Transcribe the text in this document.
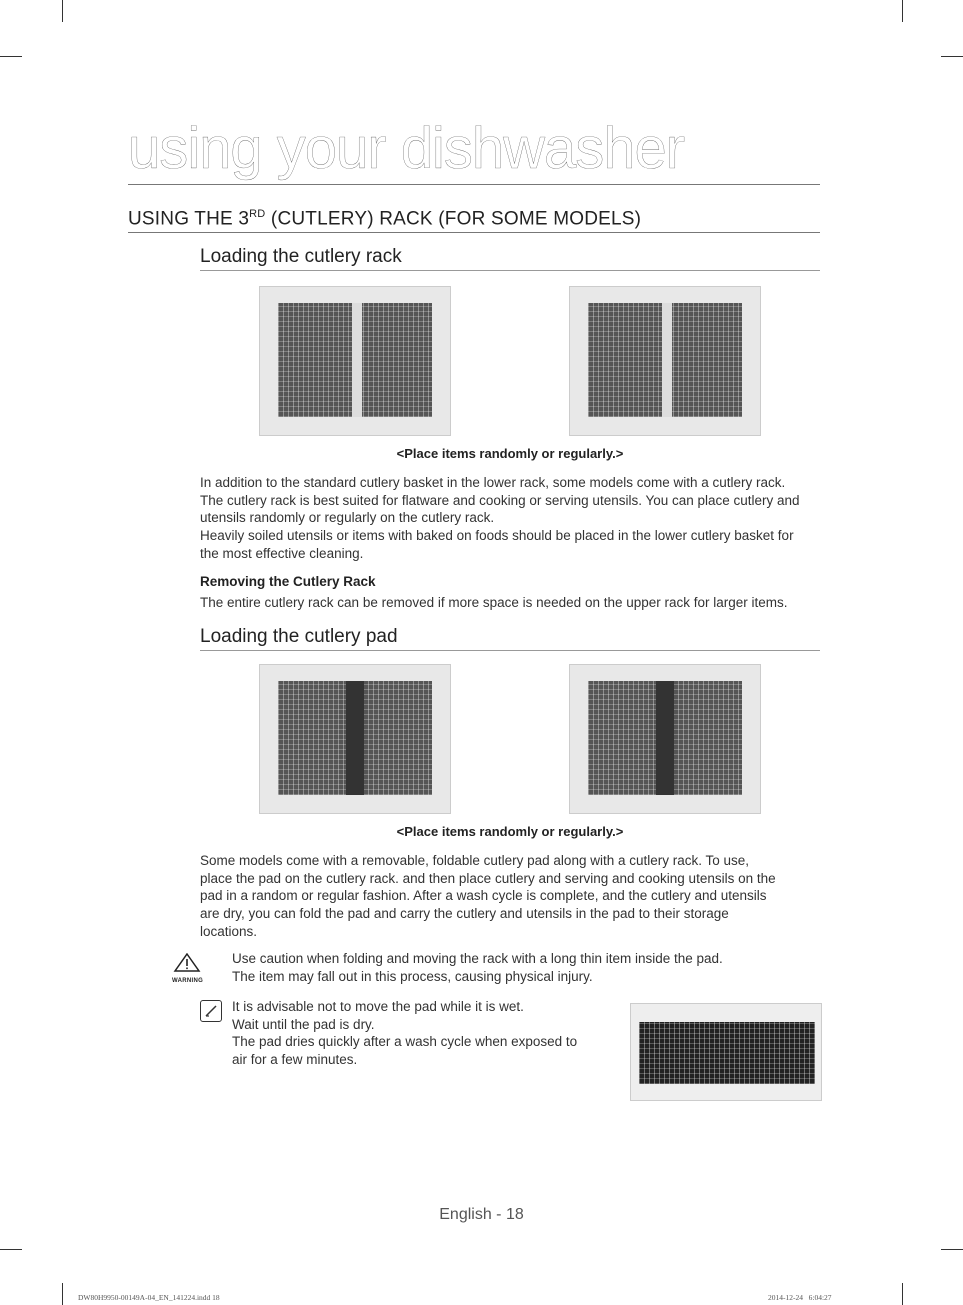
using your dishwasher
USING THE 3RD (CUTLERY) RACK (FOR SOME MODELS)
Loading the cutlery rack
<Place items randomly or regularly.>

In addition to the standard cutlery basket in the lower rack, some models come with a cutlery rack.

The cutlery rack is best suited for flatware and cooking or serving utensils. You can place cutlery and

utensils randomly or regularly on the cutlery rack.

Heavily soiled utensils or items with baked on foods should be placed in the lower cutlery basket for

the most effective cleaning.

Removing the Cutlery Rack
The entire cutlery rack can be removed if more space is needed on the upper rack for larger items.
Loading the cutlery pad
<Place items randomly or regularly.>

Some models come with a removable, foldable cutlery pad along with a cutlery rack. To use,

place the pad on the cutlery rack. and then place cutlery and serving and cooking utensils on the

pad in a random or regular fashion. After a wash cycle is complete, and the cutlery and utensils

are dry, you can fold the pad and carry the cutlery and utensils in the pad to their storage

locations.

WARNING
Use caution when folding and moving the rack with a long thin item inside the pad.
The item may fall out in this process, causing physical injury.
It is advisable not to move the pad while it is wet.
Wait until the pad is dry.
The pad dries quickly after a wash cycle when exposed to
air for a few minutes.
English - 18
DW80H9950-00149A-04_EN_141224.indd 18	2014-12-24   6:04:27
